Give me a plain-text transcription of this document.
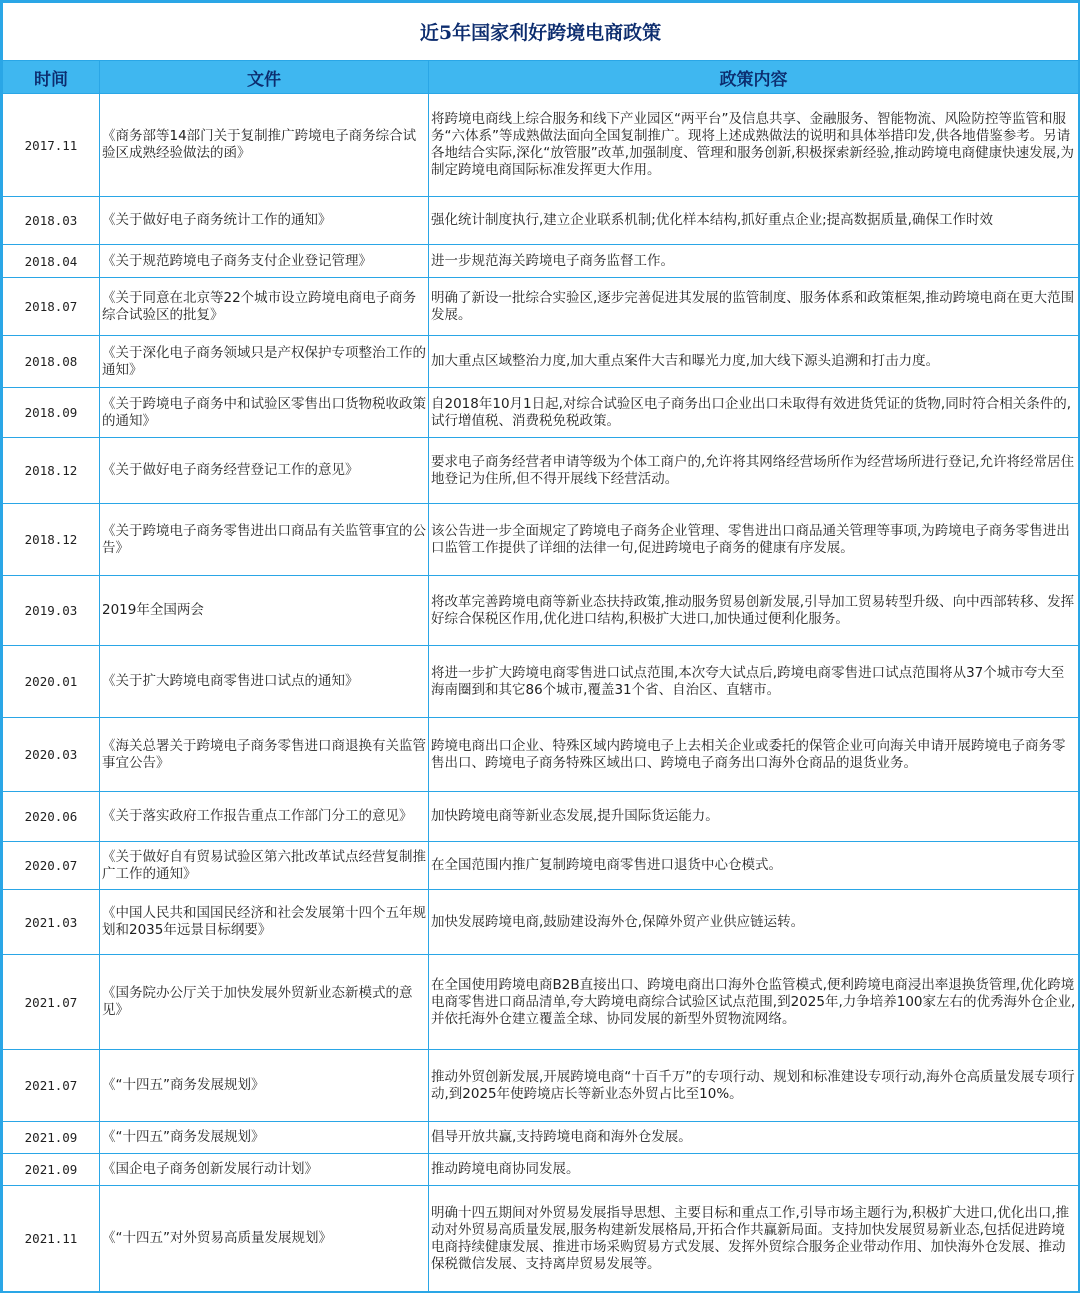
近5年国家利好跨境电商政策		
时间	文件	政策内容
2017.11	《商务部等14部门关于复制推广跨境电子商务综合试验区成熟经验做法的函》	将跨境电商线上综合服务和线下产业园区“两平台”及信息共享、金融服务、智能物流、风险防控等监管和服务“六体系”等成熟做法面向全国复制推广。现将上述成熟做法的说明和具体举措印发,供各地借鉴参考。另请各地结合实际,深化“放管服”改革,加强制度、管理和服务创新,积极探索新经验,推动跨境电商健康快速发展,为制定跨境电商国际标准发挥更大作用。
2018.03	《关于做好电子商务统计工作的通知》	强化统计制度执行,建立企业联系机制;优化样本结构,抓好重点企业;提高数据质量,确保工作时效
2018.04	《关于规范跨境电子商务支付企业登记管理》	进一步规范海关跨境电子商务监督工作。
2018.07	《关于同意在北京等22个城市设立跨境电商电子商务综合试验区的批复》	明确了新设一批综合实验区,逐步完善促进其发展的监管制度、服务体系和政策框架,推动跨境电商在更大范围发展。
2018.08	《关于深化电子商务领域只是产权保护专项整治工作的通知》	加大重点区域整治力度,加大重点案件大吉和曝光力度,加大线下源头追溯和打击力度。
2018.09	《关于跨境电子商务中和试验区零售出口货物税收政策的通知》	自2018年10月1日起,对综合试验区电子商务出口企业出口未取得有效进货凭证的货物,同时符合相关条件的,试行增值税、消费税免税政策。
2018.12	《关于做好电子商务经营登记工作的意见》	要求电子商务经营者申请等级为个体工商户的,允许将其网络经营场所作为经营场所进行登记,允许将经常居住地登记为住所,但不得开展线下经营活动。
2018.12	《关于跨境电子商务零售进出口商品有关监管事宜的公告》	该公告进一步全面规定了跨境电子商务企业管理、零售进出口商品通关管理等事项,为跨境电子商务零售进出口监管工作提供了详细的法律一句,促进跨境电子商务的健康有序发展。
2019.03	2019年全国两会	将改革完善跨境电商等新业态扶持政策,推动服务贸易创新发展,引导加工贸易转型升级、向中西部转移、发挥好综合保税区作用,优化进口结构,积极扩大进口,加快通过便利化服务。
2020.01	《关于扩大跨境电商零售进口试点的通知》	将进一步扩大跨境电商零售进口试点范围,本次夸大试点后,跨境电商零售进口试点范围将从37个城市夸大至海南圈到和其它86个城市,覆盖31个省、自治区、直辖市。
2020.03	《海关总署关于跨境电子商务零售进口商退换有关监管事宜公告》	跨境电商出口企业、特殊区域内跨境电子上去相关企业或委托的保管企业可向海关申请开展跨境电子商务零售出口、跨境电子商务特殊区域出口、跨境电子商务出口海外仓商品的退货业务。
2020.06	《关于落实政府工作报告重点工作部门分工的意见》	加快跨境电商等新业态发展,提升国际货运能力。
2020.07	《关于做好自有贸易试验区第六批改革试点经营复制推广工作的通知》	在全国范围内推广复制跨境电商零售进口退货中心仓模式。
2021.03	《中国人民共和国国民经济和社会发展第十四个五年规划和2035年远景目标纲要》	加快发展跨境电商,鼓励建设海外仓,保障外贸产业供应链运转。
2021.07	《国务院办公厅关于加快发展外贸新业态新模式的意见》	在全国使用跨境电商B2B直接出口、跨境电商出口海外仓监管模式,便利跨境电商浸出率退换货管理,优化跨境电商零售进口商品清单,夸大跨境电商综合试验区试点范围,到2025年,力争培养100家左右的优秀海外仓企业,并依托海外仓建立覆盖全球、协同发展的新型外贸物流网络。
2021.07	《“十四五”商务发展规划》	推动外贸创新发展,开展跨境电商“十百千万”的专项行动、规划和标准建设专项行动,海外仓高质量发展专项行动,到2025年使跨境店长等新业态外贸占比至10%。
2021.09	《“十四五”商务发展规划》	倡导开放共赢,支持跨境电商和海外仓发展。
2021.09	《国企电子商务创新发展行动计划》	推动跨境电商协同发展。
2021.11	《“十四五”对外贸易高质量发展规划》	明确十四五期间对外贸易发展指导思想、主要目标和重点工作,引导市场主题行为,积极扩大进口,优化出口,推动对外贸易高质量发展,服务构建新发展格局,开拓合作共赢新局面。支持加快发展贸易新业态,包括促进跨境电商持续健康发展、推进市场采购贸易方式发展、发挥外贸综合服务企业带动作用、加快海外仓发展、推动保税微信发展、支持离岸贸易发展等。
